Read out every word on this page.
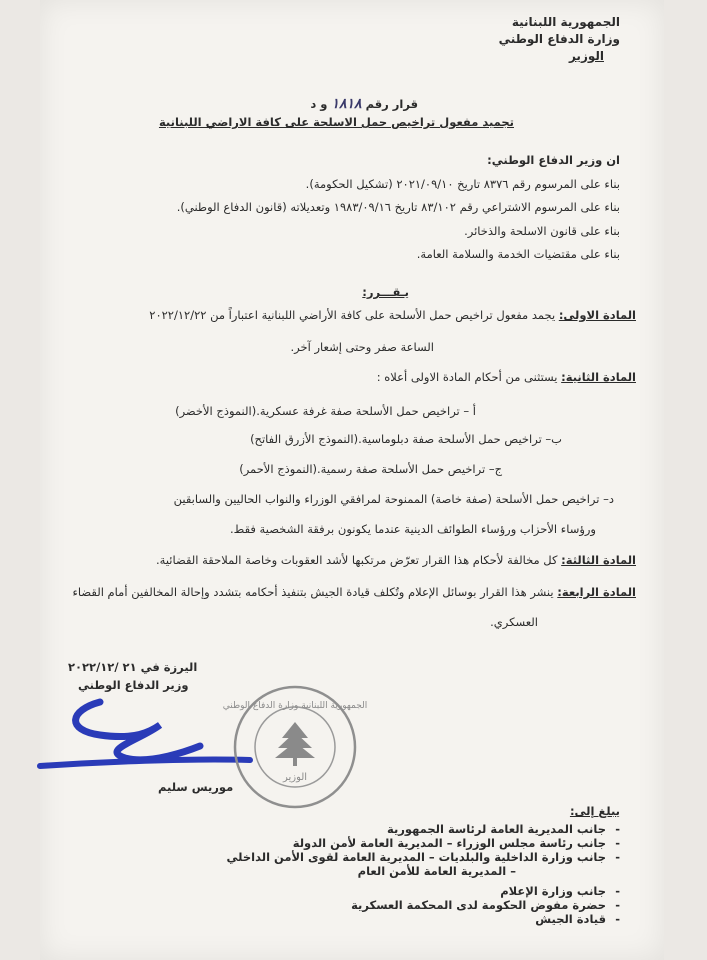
الجمهورية اللبنانية
وزارة الدفاع الوطني
الوزير
قرار رقم ١٨١٨ و د
تجميد مفعول تراخيص حمل الاسلحة على كافة الاراضي اللبنانية
ان وزير الدفاع الوطني:
بناء على المرسوم رقم ٨٣٧٦ تاريخ ٢٠٢١/٠٩/١٠ (تشكيل الحكومة).
بناء على المرسوم الاشتراعي رقم ٨٣/١٠٢ تاريخ ١٩٨٣/٠٩/١٦ وتعديلاته (قانون الدفاع الوطني).
بناء على قانون الاسلحة والذخائر.
بناء على مقتضيات الخدمة والسلامة العامة.
يـقـــرر:
المادة الاولى: يجمد مفعول تراخيص حمل الأسلحة على كافة الأراضي اللبنانية اعتباراً من ٢٠٢٢/١٢/٢٢
الساعة صفر وحتى إشعار آخر.
المادة الثانية: يستثنى من أحكام المادة الاولى أعلاه :
أ – تراخيص حمل الأسلحة صفة غرفة عسكرية.(النموذج الأخضر)
ب– تراخيص حمل الأسلحة صفة دبلوماسية.(النموذج الأزرق الفاتح)
ج– تراخيص حمل الأسلحة صفة رسمية.(النموذج الأحمر)
د– تراخيص حمل الأسلحة (صفة خاصة) الممنوحة لمرافقي الوزراء والنواب الحاليين والسابقين
ورؤساء الأحزاب ورؤساء الطوائف الدينية عندما يكونون برفقة الشخصية فقط.
المادة الثالثة: كل مخالفة لأحكام هذا القرار تعرّض مرتكبها لأشد العقوبات وخاصة الملاحقة القضائية.
المادة الرابعة: ينشر هذا القرار بوسائل الإعلام وتُكلف قيادة الجيش بتنفيذ أحكامه بتشدد وإحالة المخالفين أمام القضاء
العسكري.
اليرزة في ٢١ /٢٠٢٢/١٢
وزير الدفاع الوطني
موريس سليم
الجمهورية اللبنانية وزارة الدفاع الوطني
الوزير
يبلغ إلى:
-جانب المديرية العامة لرئاسة الجمهورية
-جانب رئاسة مجلس الوزراء – المديرية العامة لأمن الدولة
-جانب وزارة الداخلية والبلديات – المديرية العامة لقوى الأمن الداخلي
– المديرية العامة للأمن العام
-جانب وزارة الإعلام
-حضرة مفوض الحكومة لدى المحكمة العسكرية
-قيادة الجيش
